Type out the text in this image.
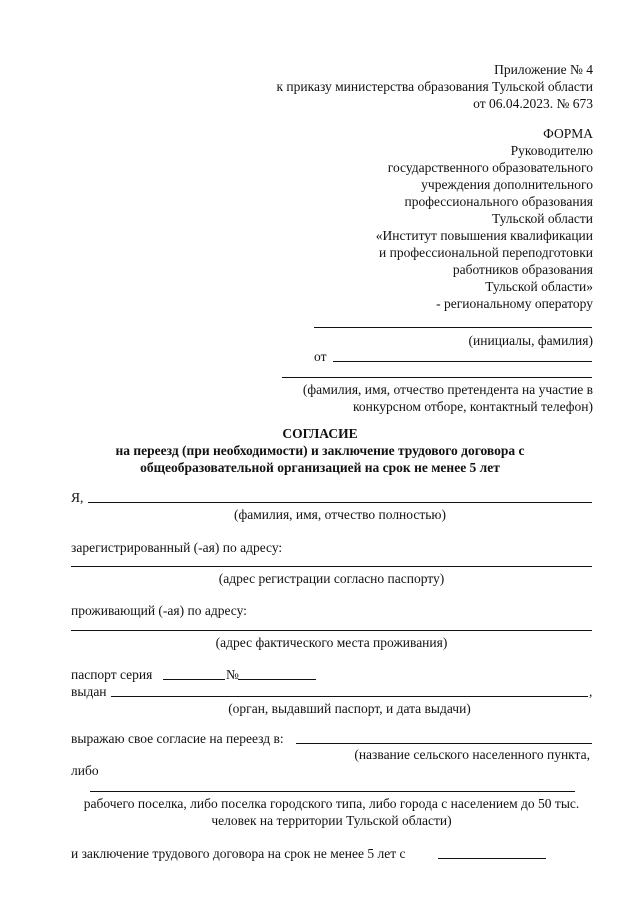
Приложение № 4
к приказу министерства образования Тульской области
от 06.04.2023. № 673
ФОРМА
Руководителю
государственного образовательного
учреждения дополнительного
профессионального образования
Тульской области
«Институт повышения квалификации
и профессиональной переподготовки
работников образования
Тульской области»
- региональному оператору
(инициалы, фамилия)
от
(фамилия, имя, отчество претендента на участие в
конкурсном отборе, контактный телефон)
СОГЛАСИЕ
на переезд (при необходимости) и заключение трудового договора с
общеобразовательной организацией на срок не менее 5 лет
Я,
(фамилия, имя, отчество полностью)
зарегистрированный (-ая) по адресу:
(адрес регистрации согласно паспорту)
проживающий (-ая) по адресу:
(адрес фактического места проживания)
паспорт серия	№
выдан	,
(орган, выдавший паспорт, и дата выдачи)
выражаю свое согласие на переезд в:
(название сельского населенного пункта,
либо
рабочего поселка, либо поселка городского типа, либо города с населением до 50 тыс.
человек на территории Тульской области)
и заключение трудового договора на срок не менее 5 лет с
